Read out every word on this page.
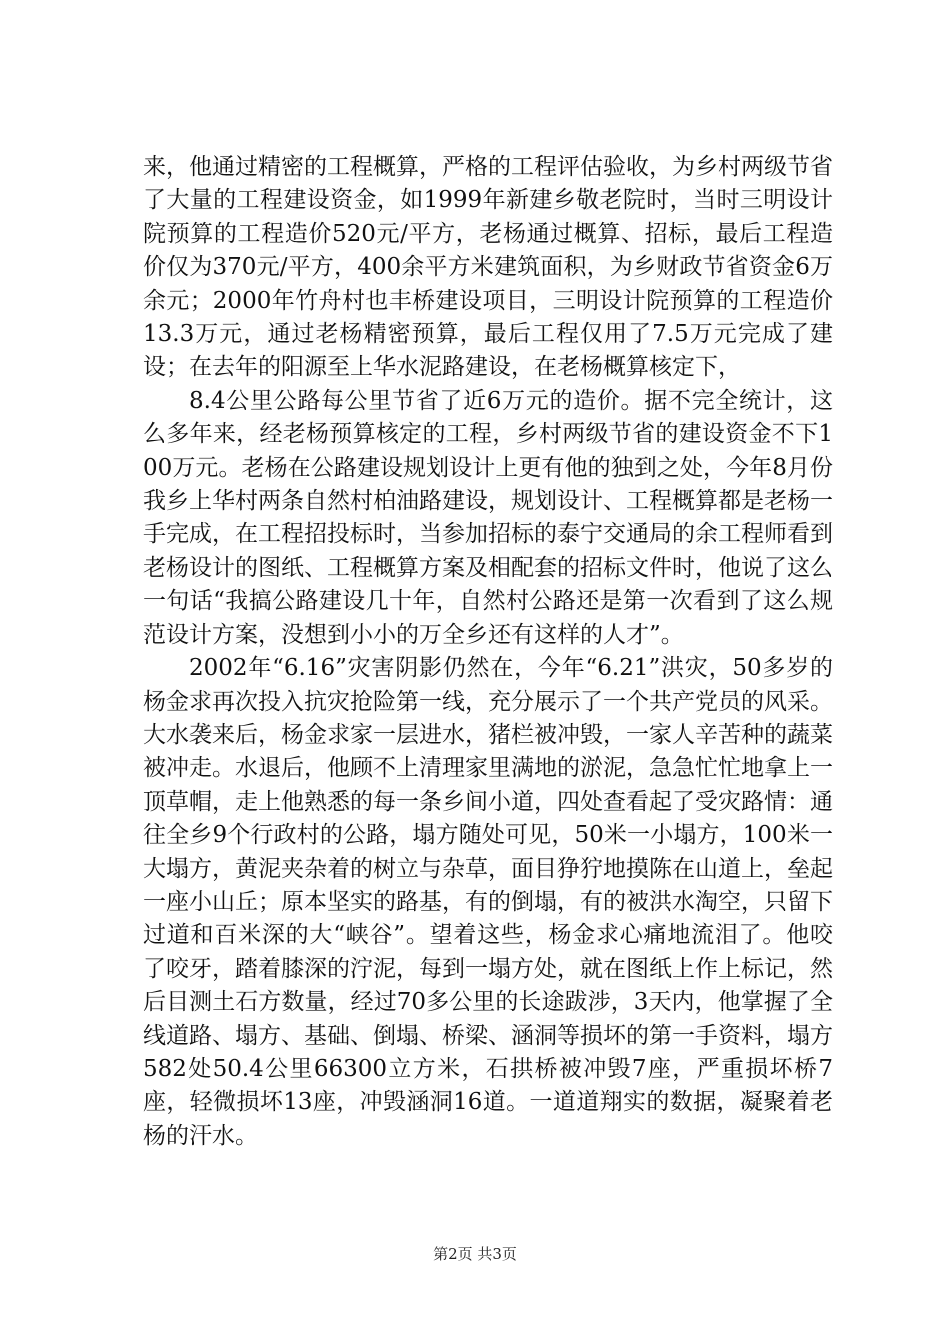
来，他通过精密的工程概算，严格的工程评估验收，为乡村两级节省了大量的工程建设资金，如1999年新建乡敬老院时，当时三明设计院预算的工程造价520元/平方，老杨通过概算、招标，最后工程造价仅为370元/平方，400余平方米建筑面积，为乡财政节省资金6万余元；2000年竹舟村也丰桥建设项目，三明设计院预算的工程造价13.3万元，通过老杨精密预算，最后工程仅用了7.5万元完成了建设；在去年的阳源至上华水泥路建设，在老杨概算核定下，

8.4公里公路每公里节省了近6万元的造价。据不完全统计，这么多年来，经老杨预算核定的工程，乡村两级节省的建设资金不下100万元。老杨在公路建设规划设计上更有他的独到之处，今年8月份我乡上华村两条自然村柏油路建设，规划设计、工程概算都是老杨一手完成，在工程招投标时，当参加招标的泰宁交通局的余工程师看到老杨设计的图纸、工程概算方案及相配套的招标文件时，他说了这么一句话“我搞公路建设几十年，自然村公路还是第一次看到了这么规范设计方案，没想到小小的万全乡还有这样的人才”。

2002年“6.16”灾害阴影仍然在，今年“6.21”洪灾，50多岁的杨金求再次投入抗灾抢险第一线，充分展示了一个共产党员的风采。大水袭来后，杨金求家一层进水，猪栏被冲毁，一家人辛苦种的蔬菜被冲走。水退后，他顾不上清理家里满地的淤泥，急急忙忙地拿上一顶草帽，走上他熟悉的每一条乡间小道，四处查看起了受灾路情：通往全乡9个行政村的公路，塌方随处可见，50米一小塌方，100米一大塌方，黄泥夹杂着的树立与杂草，面目狰狞地摸陈在山道上，垒起一座小山丘；原本坚实的路基，有的倒塌，有的被洪水淘空，只留下过道和百米深的大“峡谷”。望着这些，杨金求心痛地流泪了。他咬了咬牙，踏着膝深的泞泥，每到一塌方处，就在图纸上作上标记，然后目测土石方数量，经过70多公里的长途跋涉，3天内，他掌握了全线道路、塌方、基础、倒塌、桥梁、涵洞等损坏的第一手资料，塌方582处50.4公里66300立方米，石拱桥被冲毁7座，严重损坏桥7座，轻微损坏13座，冲毁涵洞16道。一道道翔实的数据，凝聚着老杨的汗水。

第2页 共3页
